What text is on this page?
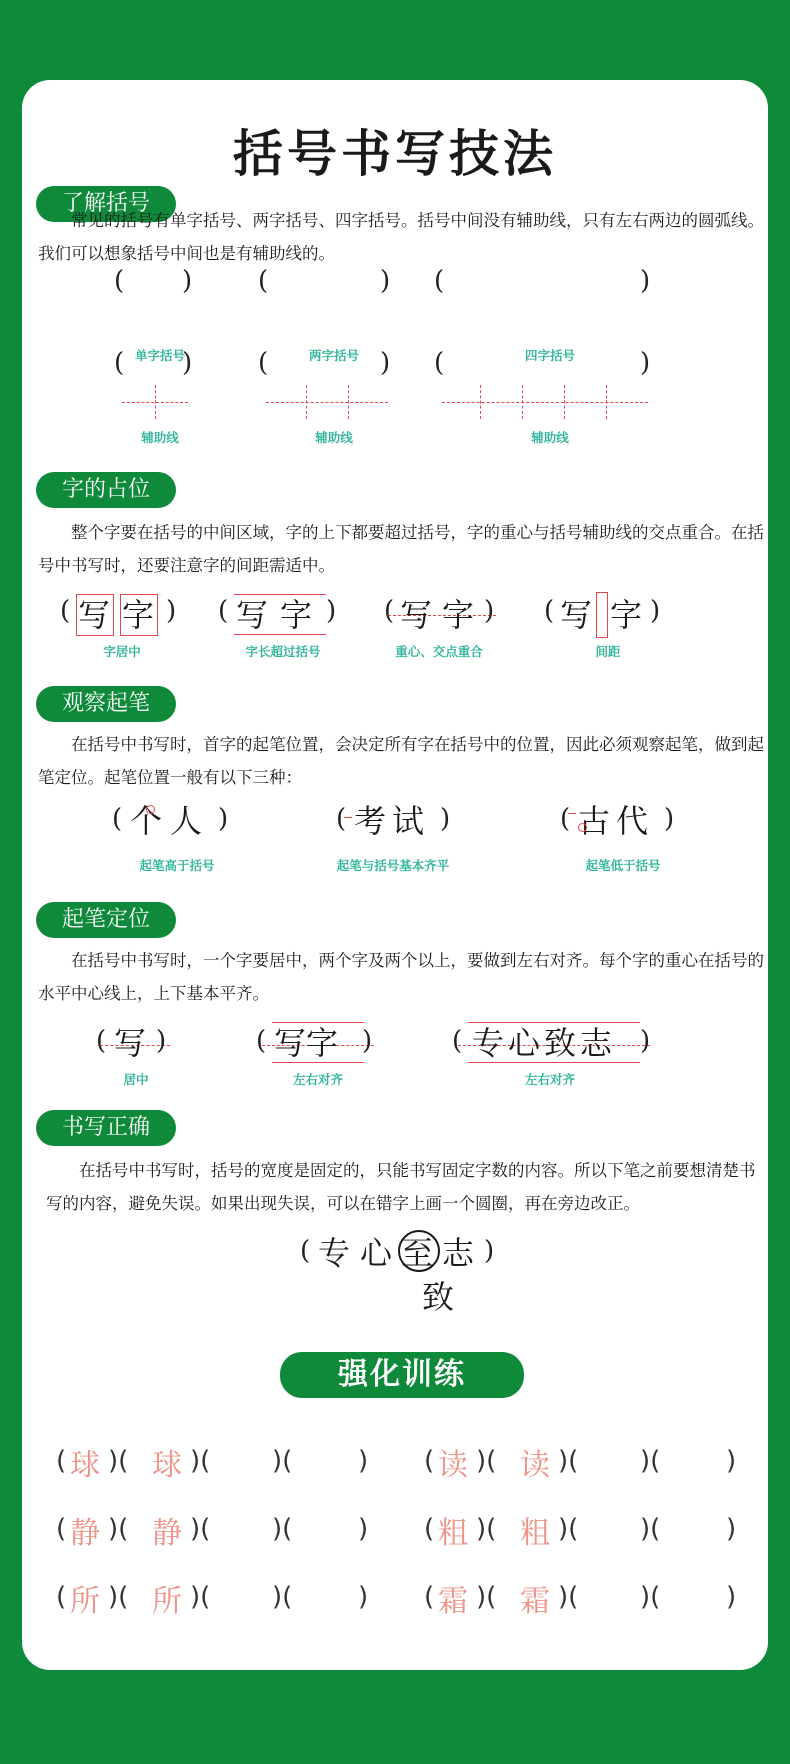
括号书写技法
了解括号
常见的括号有单字括号、两字括号、四字括号。括号中间没有辅助线，只有左右两边的圆弧线。我们可以想象括号中间也是有辅助线的。
( )	(	) (	)
单字括号	两字括号	四字括号
( )	(	) (	)
辅助线	辅助线	辅助线
字的占位
整个字要在括号的中间区域，字的上下都要超过括号，字的重心与括号辅助线的交点重合。在括号中书写时，还要注意字的间距需适中。
( 写 字 ) ( 写 字 ) ( 写 字 ) ( 写 字 )
字居中	字长超过括号	重心、交点重合	间距
观察起笔
在括号中书写时，首字的起笔位置，会决定所有字在括号中的位置，因此必须观察起笔，做到起笔定位。起笔位置一般有以下三种：
( 个人 )	( 考试 )	( 古代 )
起笔高于括号	起笔与括号基本齐平	起笔低于括号
起笔定位
在括号中书写时，一个字要居中，两个字及两个以上，要做到左右对齐。每个字的重心在括号的水平中心线上，上下基本平齐。
( 写 )	( 写字 )	( 专心致志 )
居中	左右对齐	左右对齐
书写正确
在括号中书写时，括号的宽度是固定的，只能书写固定字数的内容。所以下笔之前要想清楚书写的内容，避免失误。如果出现失误，可以在错字上画一个圆圈，再在旁边改正。
( 专 心 至 志 )
致
强化训练
( 球 )( 球 )( )(	) ( 读 )( 读 )( )(	)
( 静 )( 静 )( )(	) ( 粗 )( 粗 )( )(	)
( 所 )( 所 )( )(	) ( 霜 )( 霜 )( )(	)
